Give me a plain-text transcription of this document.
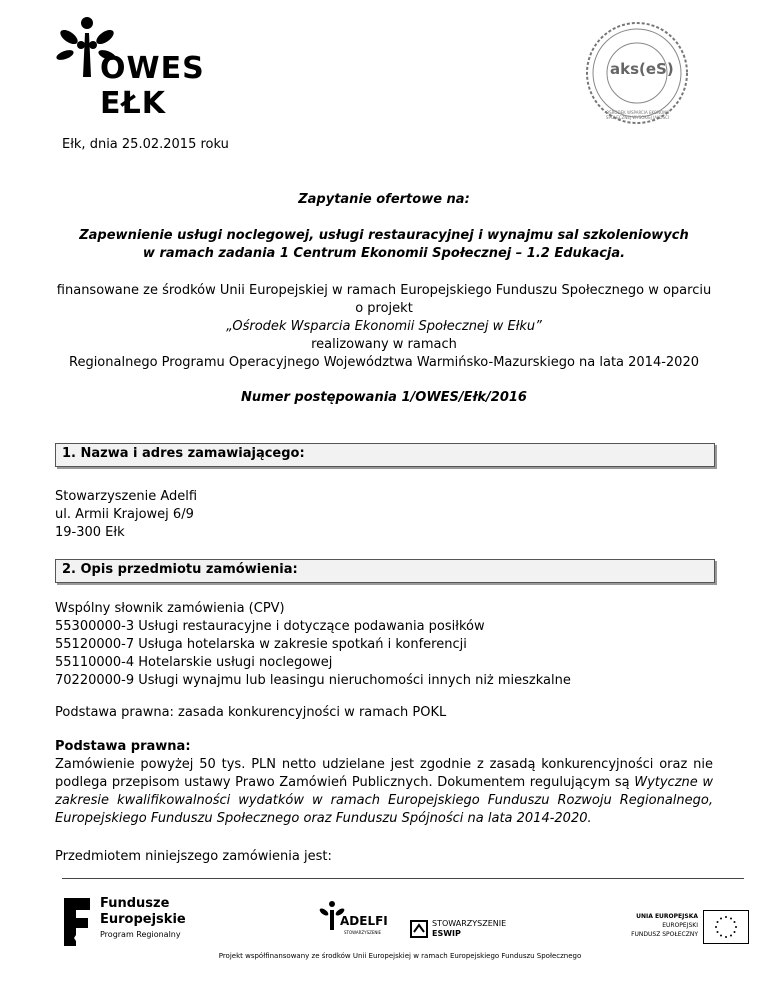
OWES EŁK
aks(eS)
OŚRODEK WSPARCIA EKONOMII SPOŁECZNEJ WYSOKIEJ JAKOŚCI
Ełk, dnia 25.02.2015 roku
Zapytanie ofertowe na:
Zapewnienie usługi noclegowej, usługi restauracyjnej i wynajmu sal szkoleniowych
w ramach zadania 1 Centrum Ekonomii Społecznej – 1.2 Edukacja.
finansowane ze środków Unii Europejskiej w ramach Europejskiego Funduszu Społecznego w oparciu
o projekt
„Ośrodek Wsparcia Ekonomii Społecznej w Ełku”
realizowany w ramach
Regionalnego Programu Operacyjnego Województwa Warmińsko-Mazurskiego na lata 2014-2020
Numer postępowania 1/OWES/Ełk/2016
1. Nazwa i adres zamawiającego:
Stowarzyszenie Adelfi
ul. Armii Krajowej 6/9
19-300 Ełk
2. Opis przedmiotu zamówienia:
Wspólny słownik zamówienia (CPV)
55300000-3 Usługi restauracyjne i dotyczące podawania posiłków
55120000-7 Usługa hotelarska w zakresie spotkań i konferencji
55110000-4 Hotelarskie usługi noclegowej
70220000-9 Usługi wynajmu lub leasingu nieruchomości innych niż mieszkalne
Podstawa prawna: zasada konkurencyjności w ramach POKL
Podstawa prawna:
Zamówienie powyżej 50 tys. PLN netto udzielane jest zgodnie z zasadą konkurencyjności oraz nie podlega przepisom ustawy Prawo Zamówień Publicznych. Dokumentem regulującym są Wytyczne w zakresie kwalifikowalności wydatków w ramach Europejskiego Funduszu Rozwoju Regionalnego, Europejskiego Funduszu Społecznego oraz Funduszu Spójności na lata 2014-2020.
Przedmiotem niniejszego zamówienia jest:
Fundusze
Europejskie
Program Regionalny
ADELFI
STOWARZYSZENIE
STOWARZYSZENIE
ESWIP
UNIA EUROPEJSKA
EUROPEJSKI
FUNDUSZ SPOŁECZNY
Projekt współfinansowany ze środków Unii Europejskiej w ramach Europejskiego Funduszu Społecznego
